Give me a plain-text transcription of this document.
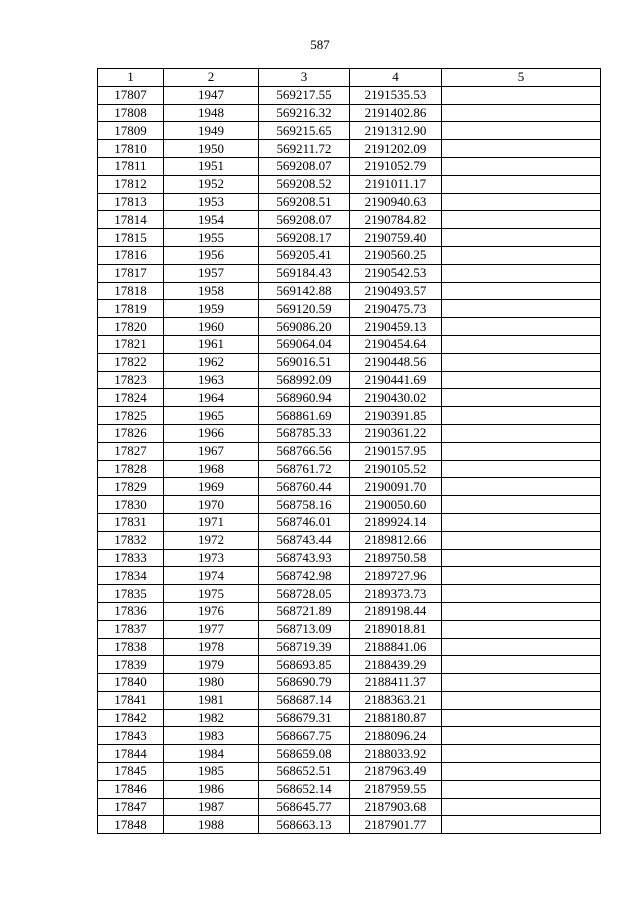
587
1	2	3	4	5
17807	1947	569217.55	2191535.53	
17808	1948	569216.32	2191402.86	
17809	1949	569215.65	2191312.90	
17810	1950	569211.72	2191202.09	
17811	1951	569208.07	2191052.79	
17812	1952	569208.52	2191011.17	
17813	1953	569208.51	2190940.63	
17814	1954	569208.07	2190784.82	
17815	1955	569208.17	2190759.40	
17816	1956	569205.41	2190560.25	
17817	1957	569184.43	2190542.53	
17818	1958	569142.88	2190493.57	
17819	1959	569120.59	2190475.73	
17820	1960	569086.20	2190459.13	
17821	1961	569064.04	2190454.64	
17822	1962	569016.51	2190448.56	
17823	1963	568992.09	2190441.69	
17824	1964	568960.94	2190430.02	
17825	1965	568861.69	2190391.85	
17826	1966	568785.33	2190361.22	
17827	1967	568766.56	2190157.95	
17828	1968	568761.72	2190105.52	
17829	1969	568760.44	2190091.70	
17830	1970	568758.16	2190050.60	
17831	1971	568746.01	2189924.14	
17832	1972	568743.44	2189812.66	
17833	1973	568743.93	2189750.58	
17834	1974	568742.98	2189727.96	
17835	1975	568728.05	2189373.73	
17836	1976	568721.89	2189198.44	
17837	1977	568713.09	2189018.81	
17838	1978	568719.39	2188841.06	
17839	1979	568693.85	2188439.29	
17840	1980	568690.79	2188411.37	
17841	1981	568687.14	2188363.21	
17842	1982	568679.31	2188180.87	
17843	1983	568667.75	2188096.24	
17844	1984	568659.08	2188033.92	
17845	1985	568652.51	2187963.49	
17846	1986	568652.14	2187959.55	
17847	1987	568645.77	2187903.68	
17848	1988	568663.13	2187901.77	
